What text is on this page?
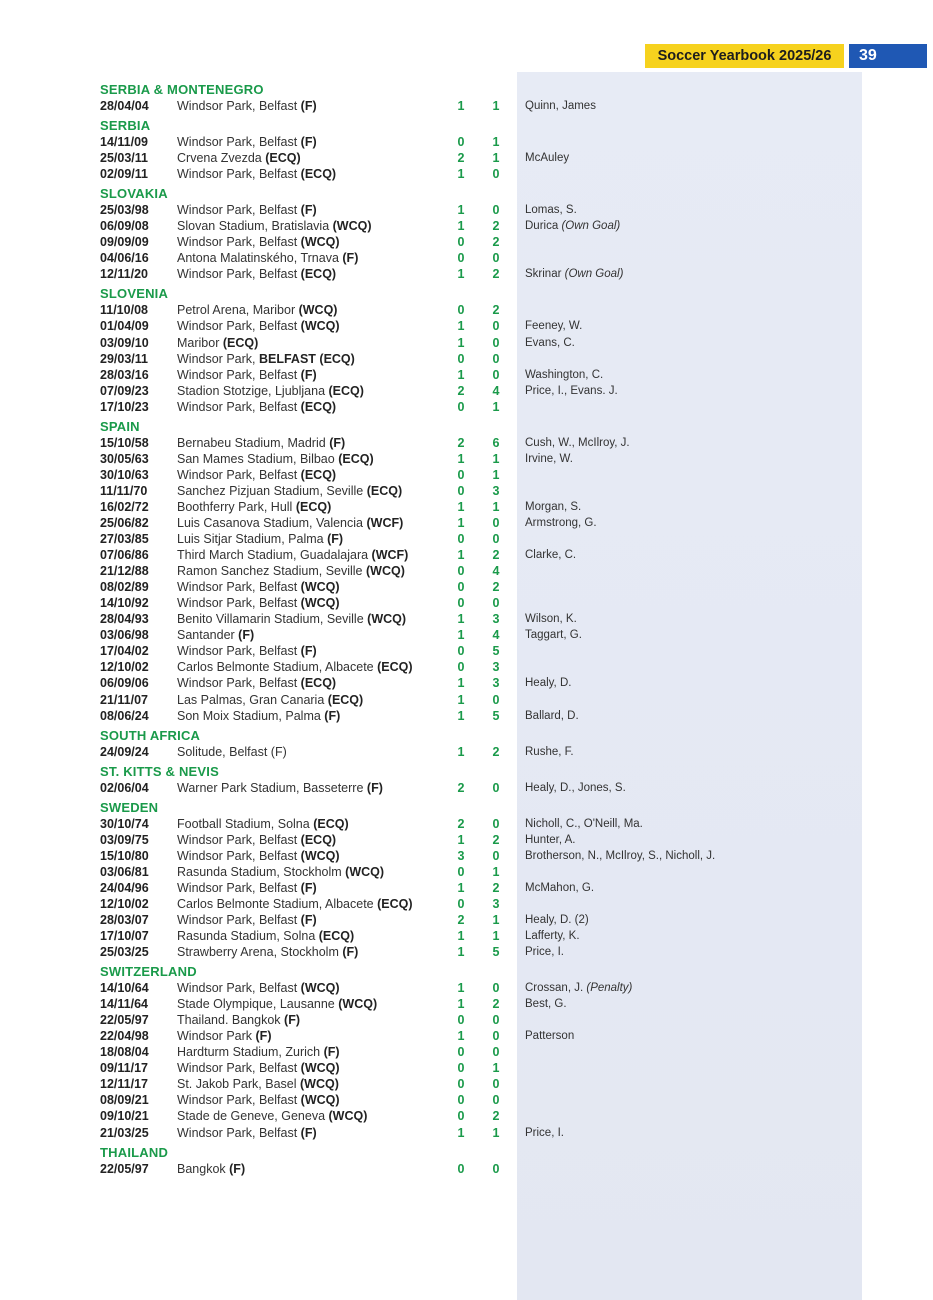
Soccer Yearbook 2025/26	39
SERBIA & MONTENEGRO
28/04/04 Windsor Park, Belfast (F)	1 1 Quinn, James
SERBIA
14/11/09 Windsor Park, Belfast (F)	0 1
25/03/11 Crvena Zvezda (ECQ)	2 1 McAuley
02/09/11 Windsor Park, Belfast (ECQ)	1 0
SLOVAKIA
25/03/98 Windsor Park, Belfast (F)	1 0 Lomas, S.
06/09/08 Slovan Stadium, Bratislavia (WCQ)	1 2 Durica (Own Goal)
09/09/09 Windsor Park, Belfast (WCQ)	0 2
04/06/16 Antona Malatinského, Trnava (F)	0 0
12/11/20 Windsor Park, Belfast (ECQ)	1 2 Skrinar (Own Goal)
SLOVENIA
11/10/08 Petrol Arena, Maribor (WCQ)	0 2
01/04/09 Windsor Park, Belfast (WCQ)	1 0 Feeney, W.
03/09/10 Maribor (ECQ)	1 0 Evans, C.
29/03/11 Windsor Park, BELFAST (ECQ)	0 0
28/03/16 Windsor Park, Belfast (F)	1 0 Washington, C.
07/09/23 Stadion Stotzige, Ljubljana (ECQ)	2 4 Price, I., Evans. J.
17/10/23 Windsor Park, Belfast (ECQ)	0 1
SPAIN
15/10/58 Bernabeu Stadium, Madrid (F)	2 6 Cush, W., McIlroy, J.
30/05/63 San Mames Stadium, Bilbao (ECQ)	1 1 Irvine, W.
30/10/63 Windsor Park, Belfast (ECQ)	0 1
11/11/70 Sanchez Pizjuan Stadium, Seville (ECQ)	0 3
16/02/72 Boothferry Park, Hull (ECQ)	1 1 Morgan, S.
25/06/82 Luis Casanova Stadium, Valencia (WCF)	1 0 Armstrong, G.
27/03/85 Luis Sitjar Stadium, Palma (F)	0 0
07/06/86 Third March Stadium, Guadalajara (WCF)	1 2 Clarke, C.
21/12/88 Ramon Sanchez Stadium, Seville (WCQ)	0 4
08/02/89 Windsor Park, Belfast (WCQ)	0 2
14/10/92 Windsor Park, Belfast (WCQ)	0 0
28/04/93 Benito Villamarin Stadium, Seville (WCQ)	1 3 Wilson, K.
03/06/98 Santander (F)	1 4 Taggart, G.
17/04/02 Windsor Park, Belfast (F)	0 5
12/10/02 Carlos Belmonte Stadium, Albacete (ECQ)	0 3
06/09/06 Windsor Park, Belfast (ECQ)	1 3 Healy, D.
21/11/07 Las Palmas, Gran Canaria (ECQ)	1 0
08/06/24 Son Moix Stadium, Palma (F)	1 5 Ballard, D.
SOUTH AFRICA
24/09/24 Solitude, Belfast (F)	1 2 Rushe, F.
ST. KITTS & NEVIS
02/06/04 Warner Park Stadium, Basseterre (F)	2 0 Healy, D., Jones, S.
SWEDEN
30/10/74 Football Stadium, Solna (ECQ)	2 0 Nicholl, C., O'Neill, Ma.
03/09/75 Windsor Park, Belfast (ECQ)	1 2 Hunter, A.
15/10/80 Windsor Park, Belfast (WCQ)	3 0 Brotherson, N., McIlroy, S., Nicholl, J.
03/06/81 Rasunda Stadium, Stockholm (WCQ)	0 1
24/04/96 Windsor Park, Belfast (F)	1 2 McMahon, G.
12/10/02 Carlos Belmonte Stadium, Albacete (ECQ)	0 3
28/03/07 Windsor Park, Belfast (F)	2 1 Healy, D. (2)
17/10/07 Rasunda Stadium, Solna (ECQ)	1 1 Lafferty, K.
25/03/25 Strawberry Arena, Stockholm (F)	1 5 Price, I.
SWITZERLAND
14/10/64 Windsor Park, Belfast (WCQ)	1 0 Crossan, J. (Penalty)
14/11/64 Stade Olympique, Lausanne (WCQ)	1 2 Best, G.
22/05/97 Thailand. Bangkok (F)	0 0
22/04/98 Windsor Park (F)	1 0 Patterson
18/08/04 Hardturm Stadium, Zurich (F)	0 0
09/11/17 Windsor Park, Belfast (WCQ)	0 1
12/11/17 St. Jakob Park, Basel (WCQ)	0 0
08/09/21 Windsor Park, Belfast (WCQ)	0 0
09/10/21 Stade de Geneve, Geneva (WCQ)	0 2
21/03/25 Windsor Park, Belfast (F)	1 1 Price, I.
THAILAND
22/05/97 Bangkok (F)	0 0
